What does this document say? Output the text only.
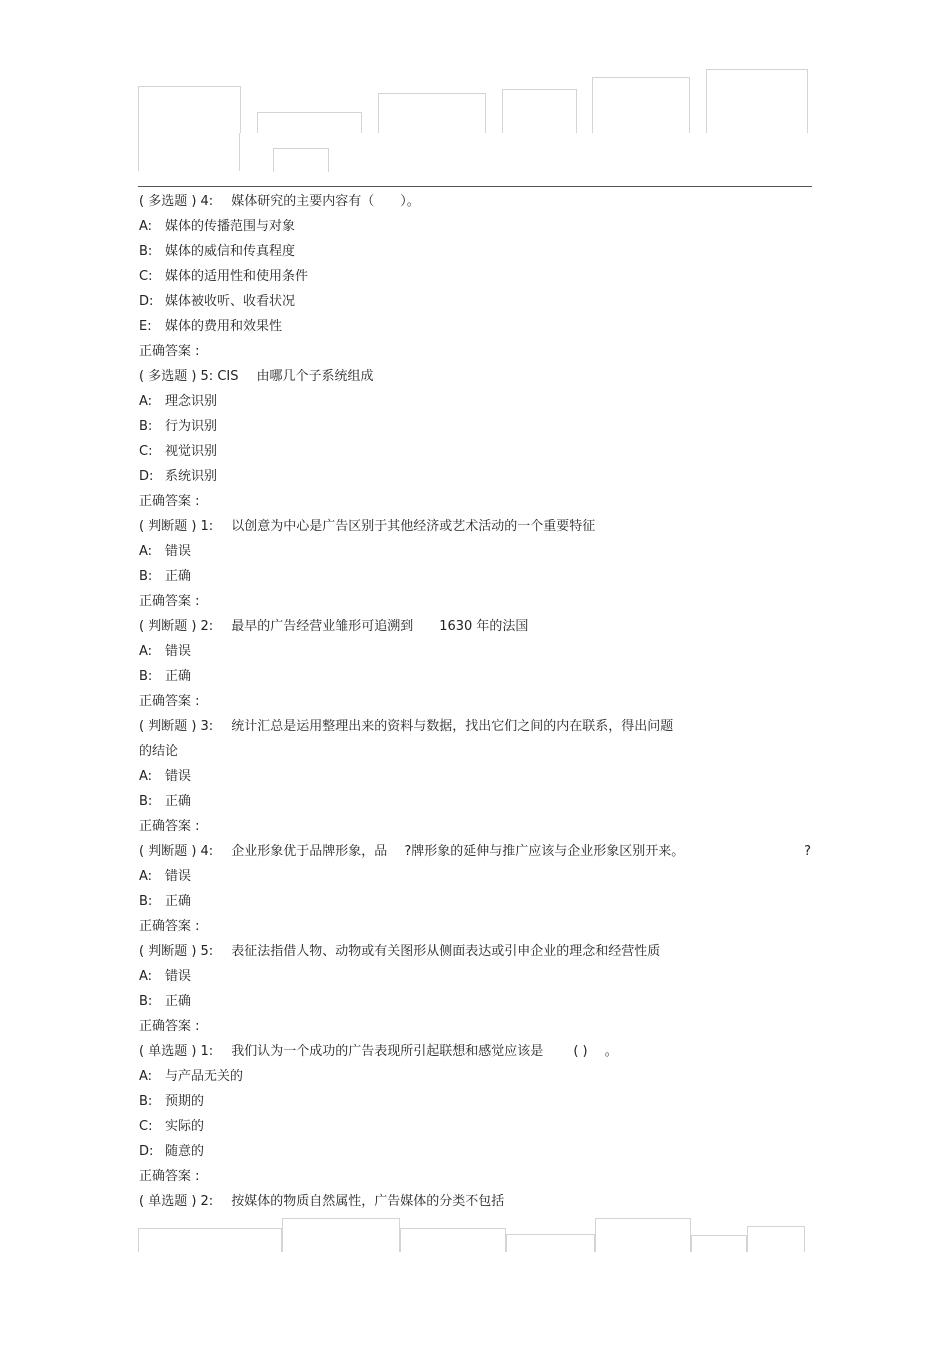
( 多选题 ) 4: 媒体研究的主要内容有（　　）。
A: 媒体的传播范围与对象
B: 媒体的威信和传真程度
C: 媒体的适用性和使用条件
D: 媒体被收听、收看状况
E: 媒体的费用和效果性
正确答案 :
( 多选题 ) 5: CIS 由哪几个子系统组成
A: 理念识别
B: 行为识别
C: 视觉识别
D: 系统识别
正确答案 :
( 判断题 ) 1: 以创意为中心是广告区别于其他经济或艺术活动的一个重要特征
A: 错误
B: 正确
正确答案 :
( 判断题 ) 2: 最早的广告经营业雏形可追溯到　　1630 年的法国
A: 错误
B: 正确
正确答案 :
( 判断题 ) 3: 统计汇总是运用整理出来的资料与数据，找出它们之间的内在联系，得出问题
的结论
A: 错误
B: 正确
正确答案 :
( 判断题 ) 4: 企业形象优于品牌形象，品　 ?牌形象的延伸与推广应该与企业形象区别开来。	?
A: 错误
B: 正确
正确答案 :
( 判断题 ) 5: 表征法指借人物、动物或有关图形从侧面表达或引申企业的理念和经营性质
A: 错误
B: 正确
正确答案 :
( 单选题 ) 1: 我们认为一个成功的广告表现所引起联想和感觉应该是　　 ( ) 　。
A: 与产品无关的
B: 预期的
C: 实际的
D: 随意的
正确答案 :
( 单选题 ) 2: 按媒体的物质自然属性，广告媒体的分类不包括
